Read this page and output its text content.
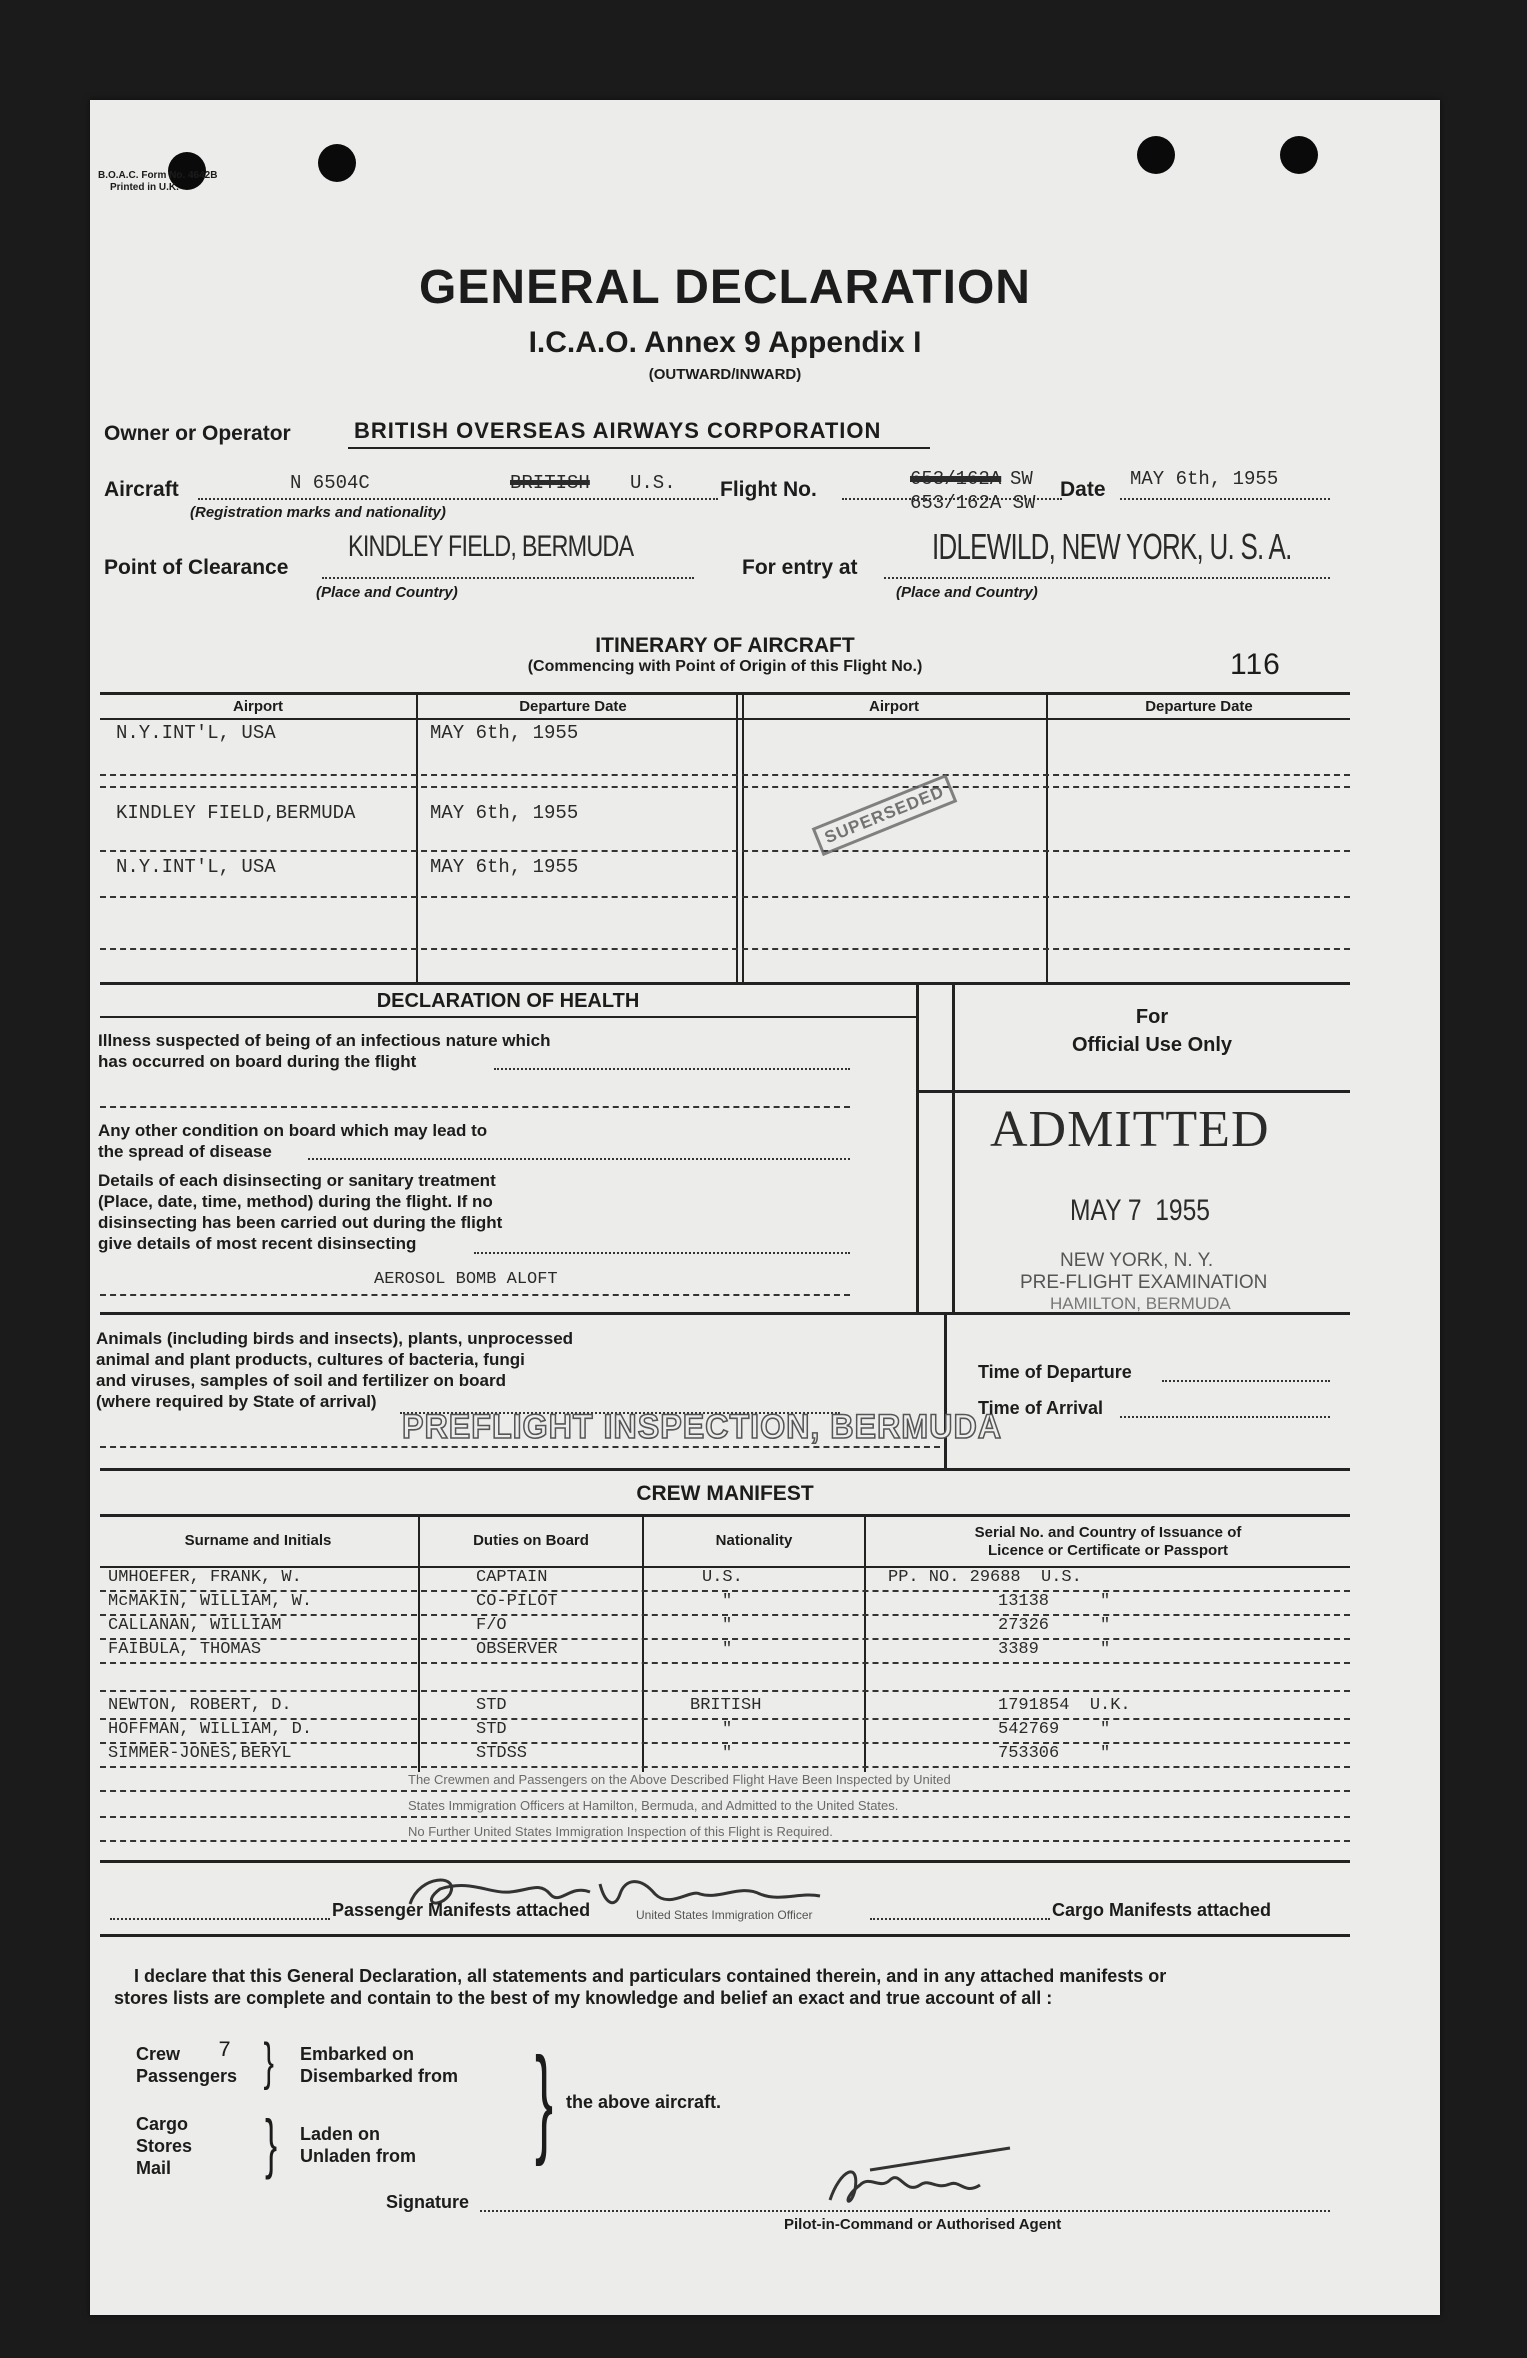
B.O.A.C. Form No. 4642B
Printed in U.K.
GENERAL DECLARATION
I.C.A.O. Annex 9 Appendix I
(OUTWARD/INWARD)
Owner or Operator	BRITISH OVERSEAS AIRWAYS CORPORATION
Aircraft	N 6504C	BRITISH U.S.
(Registration marks and nationality)
Flight No.	653/162A SW
653/162A SW
Date MAY 6th, 1955
Point of Clearance
KINDLEY FIELD, BERMUDA
(Place and Country)
For entry at
IDLEWILD, NEW YORK, U. S. A.
(Place and Country)
ITINERARY OF AIRCRAFT
(Commencing with Point of Origin of this Flight No.)	116
Airport	Departure Date	Airport	Departure Date
N.Y.INT'L, USA	MAY 6th, 1955
KINDLEY FIELD,BERMUDA	MAY 6th, 1955
N.Y.INT'L, USA	MAY 6th, 1955
SUPERSEDED
DECLARATION OF HEALTH
Illness suspected of being of an infectious nature which
has occurred on board during the flight
Any other condition on board which may lead to
the spread of disease
Details of each disinsecting or sanitary treatment
(Place, date, time, method) during the flight. If no
disinsecting has been carried out during the flight
give details of most recent disinsecting
AEROSOL BOMB ALOFT
For
Official Use Only
ADMITTED
MAY 7  1955
NEW YORK, N. Y.
PRE-FLIGHT EXAMINATION
HAMILTON, BERMUDA
Animals (including birds and insects), plants, unprocessed
animal and plant products, cultures of bacteria, fungi
and viruses, samples of soil and fertilizer on board
(where required by State of arrival)
PREFLIGHT INSPECTION, BERMUDA
Time of Departure
Time of Arrival
CREW MANIFEST
Surname and Initials	Duties on Board	Nationality	Serial No. and Country of Issuance of
Licence or Certificate or Passport
UMHOEFER, FRANK, W.	CAPTAIN	U.S.	PP. NO. 29688  U.S.
McMAKIN, WILLIAM, W.	CO-PILOT	"	13138     "
CALLANAN, WILLIAM	F/O	"	27326     "
FAIBULA, THOMAS	OBSERVER	"	3389      "
NEWTON, ROBERT, D.	STD	BRITISH	1791854  U.K.
HOFFMAN, WILLIAM, D.	STD	"	542769    "
SIMMER-JONES,BERYL	STDSS	"	753306    "
The Crewmen and Passengers on the Above Described Flight Have Been Inspected by United
States Immigration Officers at Hamilton, Bermuda, and Admitted to the United States.
No Further United States Immigration Inspection of this Flight is Required.
Passenger Manifests attached	United States Immigration Officer	Cargo Manifests attached
I declare that this General Declaration, all statements and particulars contained therein, and in any attached manifests or
stores lists are complete and contain to the best of my knowledge and belief an exact and true account of all :
Crew 7
Passengers } Embarked on
Disembarked from } the above aircraft.
Cargo
Stores
Mail } Laden on
Unladen from
Signature
Pilot-in-Command or Authorised Agent
